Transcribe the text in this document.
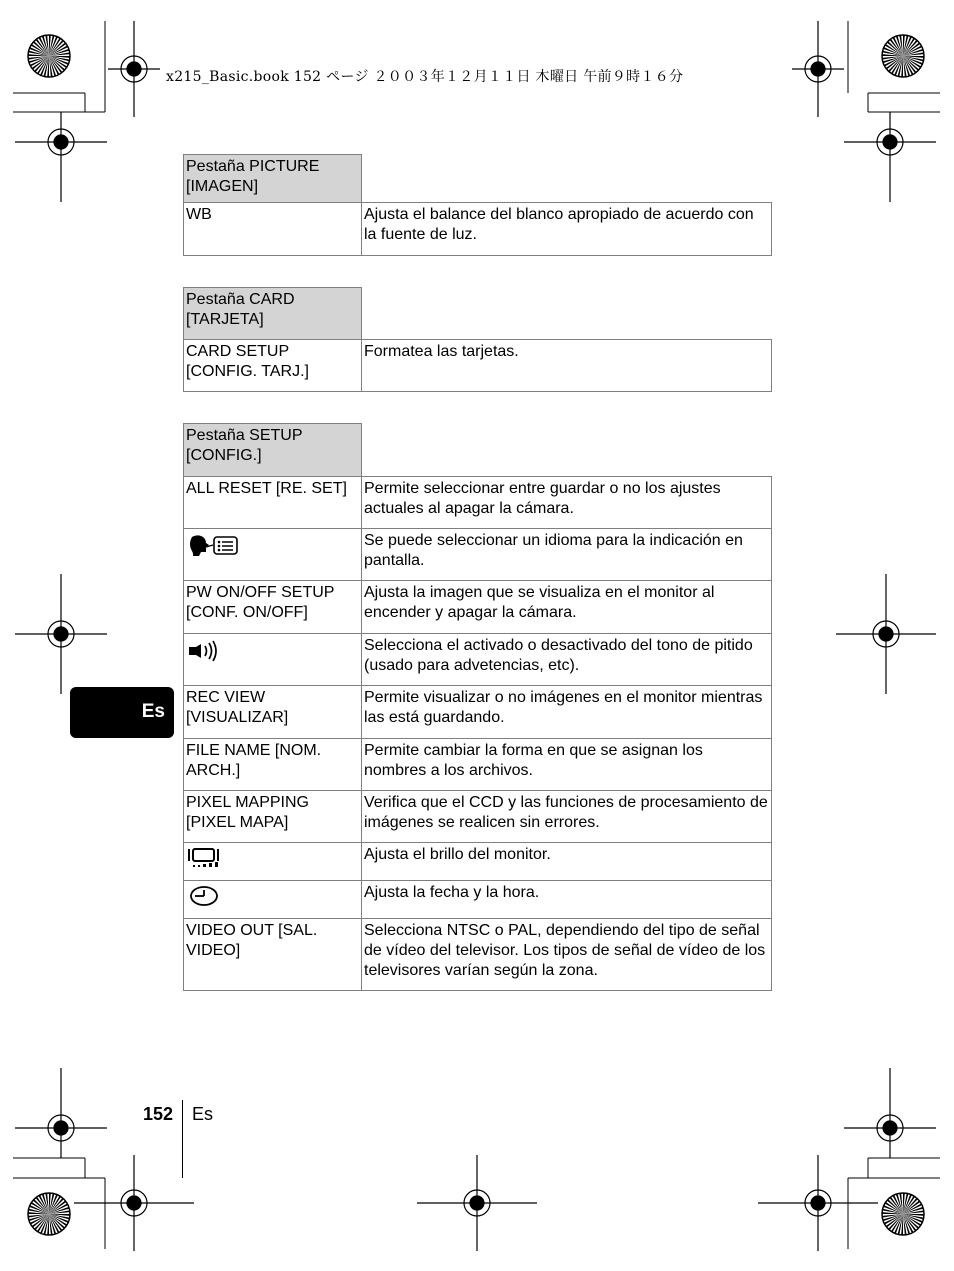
x215_Basic.book 152 ページ ２００３年１２月１１日 木曜日 午前９時１６分
Pestaña PICTURE [IMAGEN]	
WB	Ajusta el balance del blanco apropiado de acuerdo con la fuente de luz.
Pestaña CARD [TARJETA]	
CARD SETUP [CONFIG. TARJ.]	Formatea las tarjetas.
Pestaña SETUP [CONFIG.]	
ALL RESET [RE. SET]	Permite seleccionar entre guardar o no los ajustes actuales al apagar la cámara.
	Se puede seleccionar un idioma para la indicación en pantalla.
PW ON/OFF SETUP [CONF. ON/OFF]	Ajusta la imagen que se visualiza en el monitor al encender y apagar la cámara.
	Selecciona el activado o desactivado del tono de pitido (usado para advetencias, etc).
REC VIEW [VISUALIZAR]	Permite visualizar o no imágenes en el monitor mientras las está guardando.
FILE NAME [NOM. ARCH.]	Permite cambiar la forma en que se asignan los nombres a los archivos.
PIXEL MAPPING [PIXEL MAPA]	Verifica que el CCD y las funciones de procesamiento de imágenes se realicen sin errores.
	Ajusta el brillo del monitor.
	Ajusta la fecha y la hora.
VIDEO OUT [SAL. VIDEO]	Selecciona NTSC o PAL, dependiendo del tipo de señal de vídeo del televisor. Los tipos de señal de vídeo de los televisores varían según la zona.
Es
152 Es
